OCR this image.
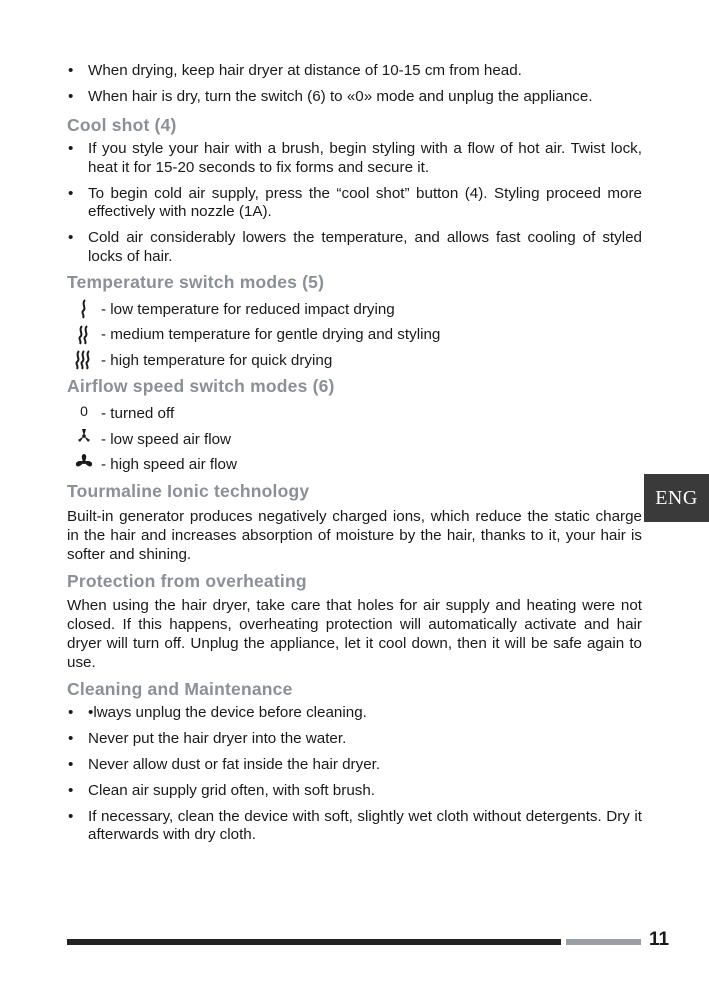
• When drying, keep hair dryer at distance of 10-15 cm from head.
• When hair is dry, turn the switch (6) to «0» mode and unplug the appliance.
Cool shot (4)
• If you style your hair with a brush, begin styling with a flow of hot air. Twist lock, heat it for 15-20 seconds to fix forms and secure it.
• To begin cold air supply, press the “cool shot” button (4). Styling proceed more effectively with nozzle (1A).
• Cold air considerably lowers the temperature, and allows fast cooling of styled locks of hair.
Temperature switch modes (5)
- low temperature for reduced impact drying
- medium temperature for gentle drying and styling
- high temperature for quick drying
Airflow speed switch modes (6)
0 - turned off
- low speed air flow
- high speed air flow
Tourmaline Ionic technology

Built-in generator produces negatively charged ions, which reduce the static charge in the hair and increases absorption of moisture by the hair, thanks to it, your hair is softer and shining.

Protection from overheating

When using the hair dryer, take care that holes for air supply and heating were not closed. If this happens, overheating protection will automatically activate and hair dryer will turn off. Unplug the appliance, let it cool down, then it will be safe again to use.

Cleaning and Maintenance
• •lways unplug the device before cleaning.
• Never put the hair dryer into the water.
• Never allow dust or fat inside the hair dryer.
• Clean air supply grid often, with soft brush.
• If necessary, clean the device with soft, slightly wet cloth without detergents. Dry it afterwards with dry cloth.
ENG
11
